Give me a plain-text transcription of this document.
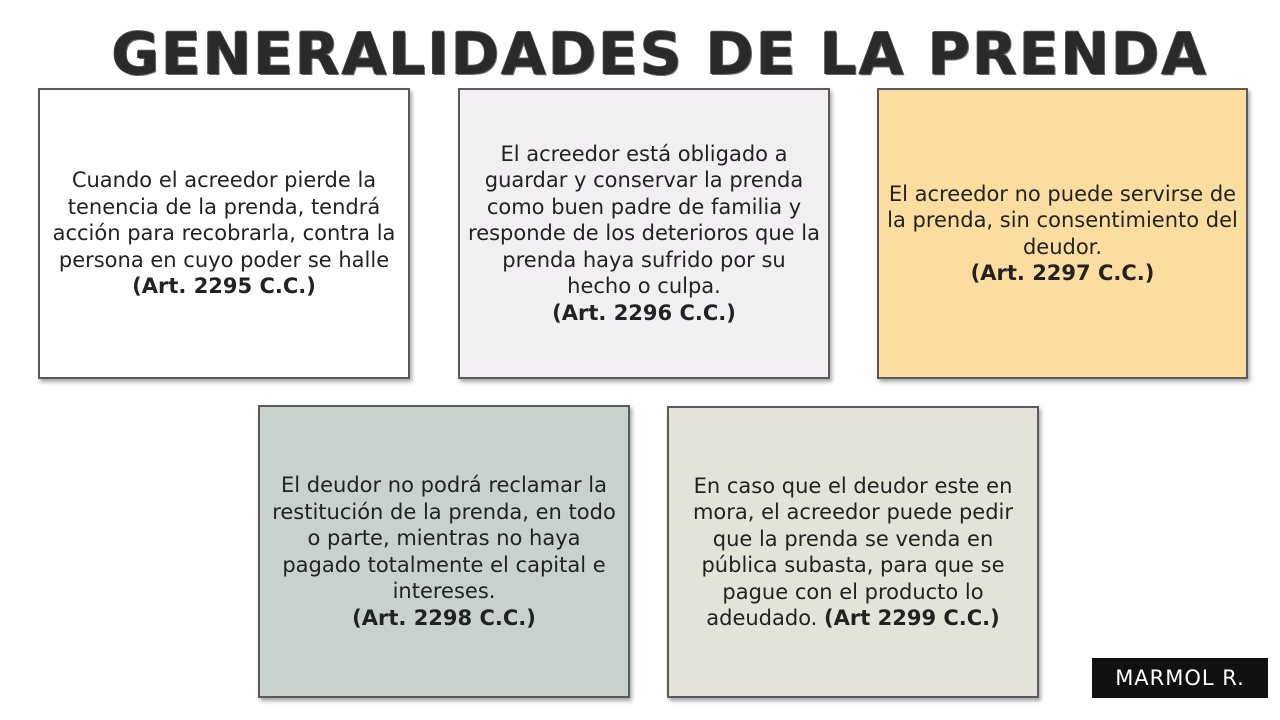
GENERALIDADES DE LA PRENDA

Cuando el acreedor pierde la tenencia de la prenda, tendrá acción para recobrarla, contra la persona en cuyo poder se halle (Art. 2295 C.C.)

El acreedor está obligado a guardar y conservar la prenda como buen padre de familia y responde de los deterioros que la prenda haya sufrido por su hecho o culpa.
(Art. 2296 C.C.)

El acreedor no puede servirse de la prenda, sin consentimiento del deudor.
(Art. 2297 C.C.)

El deudor no podrá reclamar la restitución de la prenda, en todo o parte, mientras no haya pagado totalmente el capital e intereses.
(Art. 2298 C.C.)

En caso que el deudor este en mora, el acreedor puede pedir que la prenda se venda en pública subasta, para que se pague con el producto lo adeudado. (Art 2299 C.C.)

MARMOL R.
